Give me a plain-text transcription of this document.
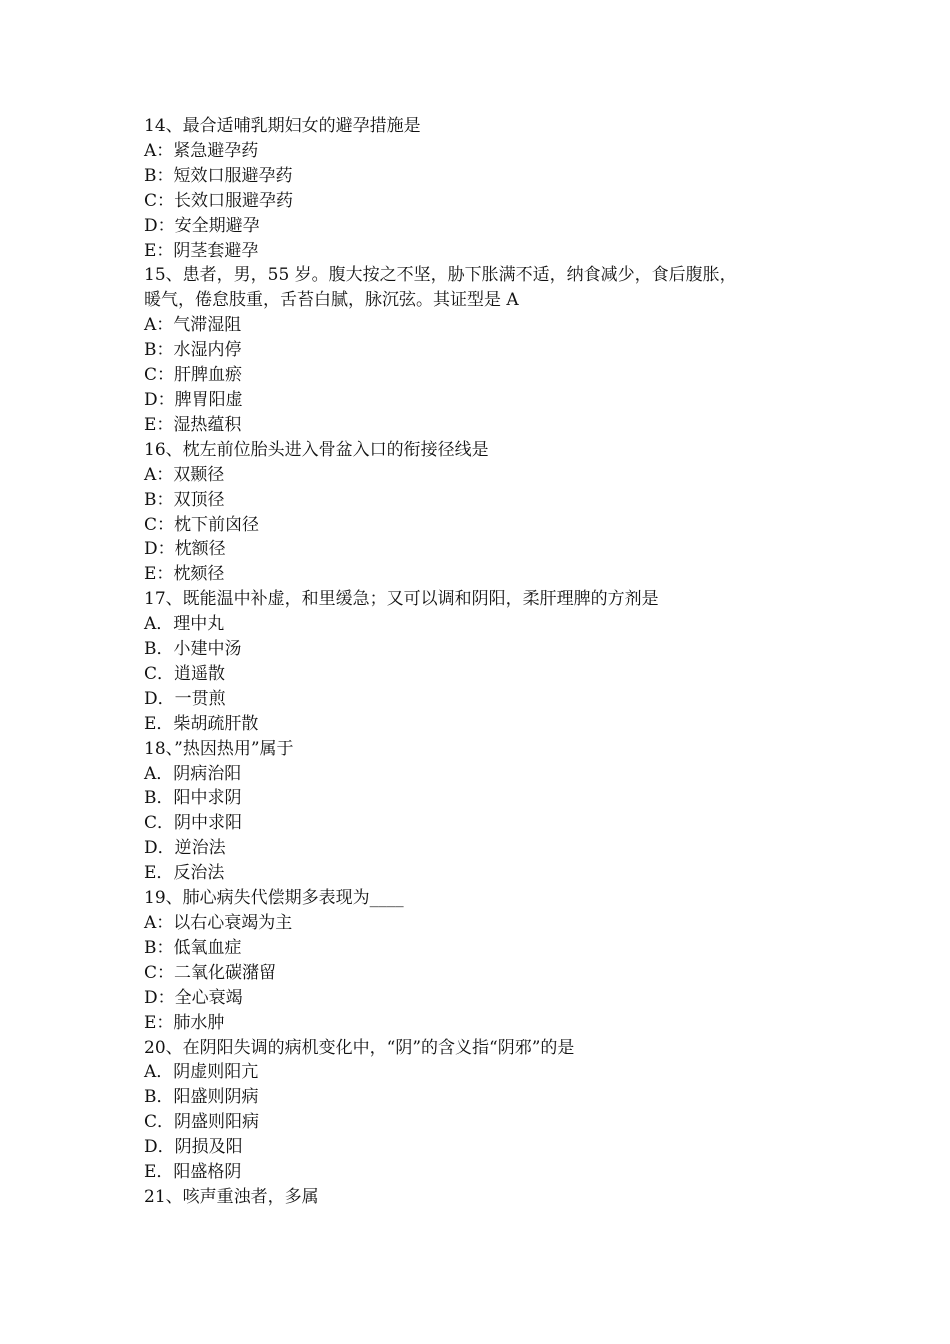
14、最合适哺乳期妇女的避孕措施是
A：紧急避孕药
B：短效口服避孕药
C：长效口服避孕药
D：安全期避孕
E：阴茎套避孕
15、患者，男，55 岁。腹大按之不坚，胁下胀满不适，纳食减少，食后腹胀，
暖气，倦怠肢重，舌苔白腻，脉沉弦。其证型是 A
A：气滞湿阻
B：水湿内停
C：肝脾血瘀
D：脾胃阳虚
E：湿热蕴积
16、枕左前位胎头进入骨盆入口的衔接径线是
A：双颞径
B：双顶径
C：枕下前囟径
D：枕额径
E：枕颏径
17、既能温中补虚，和里缓急；又可以调和阴阳，柔肝理脾的方剂是
A．理中丸
B．小建中汤
C．逍遥散
D．一贯煎
E．柴胡疏肝散
18、”热因热用”属于
A．阴病治阳
B．阳中求阴
C．阴中求阳
D．逆治法
E．反治法
19、肺心病失代偿期多表现为____
A：以右心衰竭为主
B：低氧血症
C：二氧化碳潴留
D：全心衰竭
E：肺水肿
20、在阴阳失调的病机变化中，“阴”的含义指“阴邪”的是
A．阴虚则阳亢
B．阳盛则阴病
C．阴盛则阳病
D．阴损及阳
E．阳盛格阴
21、咳声重浊者，多属
